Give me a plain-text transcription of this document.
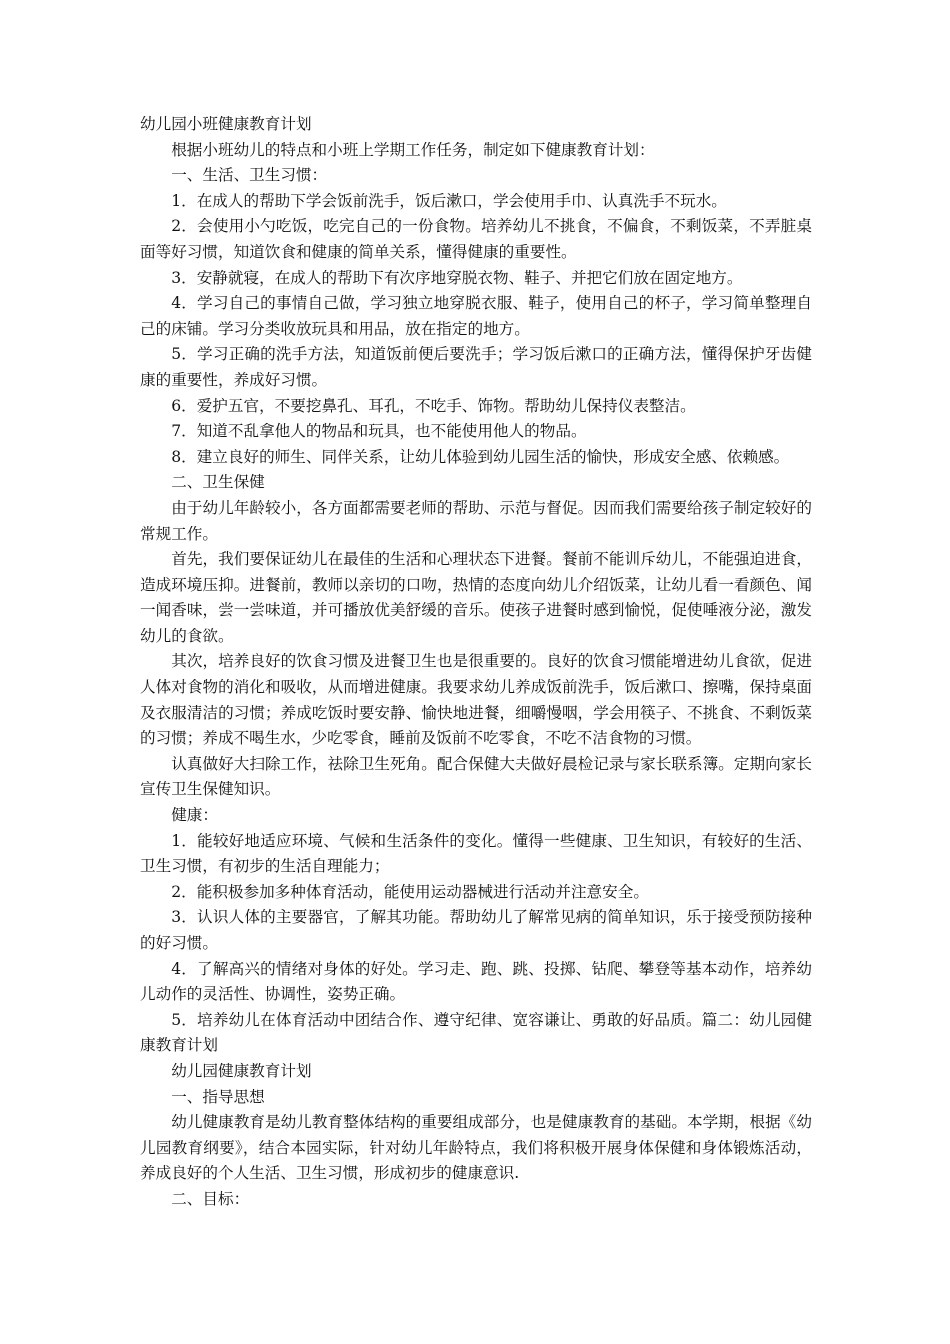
幼儿园小班健康教育计划

根据小班幼儿的特点和小班上学期工作任务，制定如下健康教育计划：

一、生活、卫生习惯：

1．在成人的帮助下学会饭前洗手，饭后漱口，学会使用手巾、认真洗手不玩水。

2．会使用小勺吃饭，吃完自己的一份食物。培养幼儿不挑食，不偏食，不剩饭菜，不弄脏桌面等好习惯，知道饮食和健康的简单关系，懂得健康的重要性。

3．安静就寝，在成人的帮助下有次序地穿脱衣物、鞋子、并把它们放在固定地方。

4．学习自己的事情自己做，学习独立地穿脱衣服、鞋子，使用自己的杯子，学习简单整理自己的床铺。学习分类收放玩具和用品，放在指定的地方。

5．学习正确的洗手方法，知道饭前便后要洗手；学习饭后漱口的正确方法，懂得保护牙齿健康的重要性，养成好习惯。

6．爱护五官，不要挖鼻孔、耳孔，不吃手、饰物。帮助幼儿保持仪表整洁。

7．知道不乱拿他人的物品和玩具，也不能使用他人的物品。

8．建立良好的师生、同伴关系，让幼儿体验到幼儿园生活的愉快，形成安全感、依赖感。

二、卫生保健

由于幼儿年龄较小，各方面都需要老师的帮助、示范与督促。因而我们需要给孩子制定较好的常规工作。

首先，我们要保证幼儿在最佳的生活和心理状态下进餐。餐前不能训斥幼儿，不能强迫进食，造成环境压抑。进餐前，教师以亲切的口吻，热情的态度向幼儿介绍饭菜，让幼儿看一看颜色、闻一闻香味，尝一尝味道，并可播放优美舒缓的音乐。使孩子进餐时感到愉悦，促使唾液分泌，激发幼儿的食欲。

其次，培养良好的饮食习惯及进餐卫生也是很重要的。良好的饮食习惯能增进幼儿食欲，促进人体对食物的消化和吸收，从而增进健康。我要求幼儿养成饭前洗手，饭后漱口、擦嘴，保持桌面及衣服清洁的习惯；养成吃饭时要安静、愉快地进餐，细嚼慢咽，学会用筷子、不挑食、不剩饭菜的习惯；养成不喝生水，少吃零食，睡前及饭前不吃零食，不吃不洁食物的习惯。

认真做好大扫除工作，祛除卫生死角。配合保健大夫做好晨检记录与家长联系簿。定期向家长宣传卫生保健知识。

健康：

1．能较好地适应环境、气候和生活条件的变化。懂得一些健康、卫生知识，有较好的生活、卫生习惯，有初步的生活自理能力；

2．能积极参加多种体育活动，能使用运动器械进行活动并注意安全。

3．认识人体的主要器官，了解其功能。帮助幼儿了解常见病的简单知识，乐于接受预防接种的好习惯。

4．了解高兴的情绪对身体的好处。学习走、跑、跳、投掷、钻爬、攀登等基本动作，培养幼儿动作的灵活性、协调性，姿势正确。

5．培养幼儿在体育活动中团结合作、遵守纪律、宽容谦让、勇敢的好品质。篇二：幼儿园健康教育计划

幼儿园健康教育计划

一、指导思想

幼儿健康教育是幼儿教育整体结构的重要组成部分，也是健康教育的基础。本学期，根据《幼儿园教育纲要》，结合本园实际，针对幼儿年龄特点，我们将积极开展身体保健和身体锻炼活动，养成良好的个人生活、卫生习惯，形成初步的健康意识.

二、目标：
